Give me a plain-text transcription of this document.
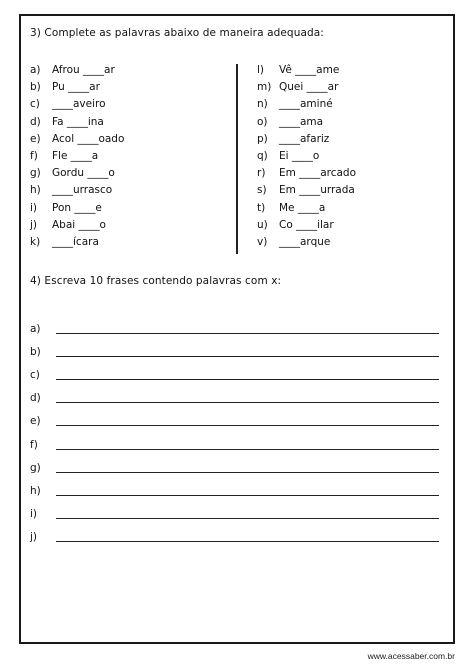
3) Complete as palavras abaixo de maneira adequada:
a)	Afrou ____ar
b)	Pu ____ar
c)	____aveiro
d)	Fa ____ina
e)	Acol ____oado
f)	Fle ____a
g)	Gordu ____o
h)	____urrasco
i)	Pon ____e
j)	Abai ____o
k)	____ícara
l)	Vê ____ame
m) Quei ____ar
n)	____aminé
o)	____ama
p)	____afariz
q)	Ei ____o
r)	Em ____arcado
s)	Em ____urrada
t)	Me ____a
u)	Co ____ilar
v)	____arque
4) Escreva 10 frases contendo palavras com x:
a)
b)
c)
d)
e)
f)
g)
h)
i)
j)
www.acessaber.com.br
